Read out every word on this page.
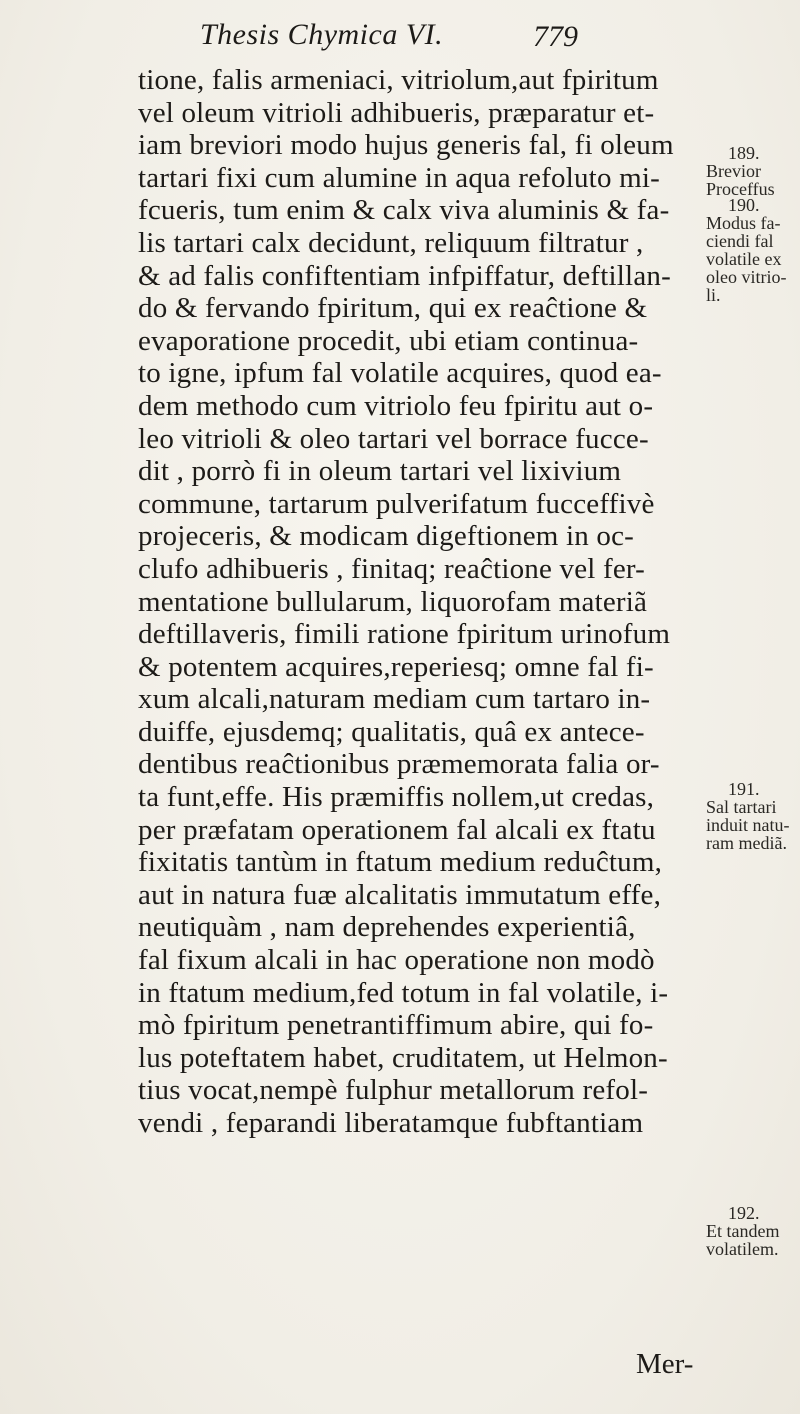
Thesis Chymica VI.	779
tione, falis armeniaci, vitriolum,aut fpiritum
vel oleum vitrioli adhibueris, præparatur et-
iam breviori modo hujus generis fal, fi oleum
tartari fixi cum alumine in aqua refoluto mi-
fcueris, tum enim & calx viva aluminis & fa-
lis tartari calx decidunt, reliquum filtratur ,
& ad falis confiftentiam infpiffatur, deftillan-
do & fervando fpiritum, qui ex reaĉtione &
evaporatione procedit, ubi etiam continua-
to igne, ipfum fal volatile acquires, quod ea-
dem methodo cum vitriolo feu fpiritu aut o-
leo vitrioli & oleo tartari vel borrace fucce-
dit , porrò fi in oleum tartari vel lixivium
commune, tartarum pulverifatum fucceffivè
projeceris, & modicam digeftionem in oc-
clufo adhibueris , finitaq; reaĉtione vel fer-
mentatione bullularum, liquorofam materiã
deftillaveris, fimili ratione fpiritum urinofum
& potentem acquires,reperiesq; omne fal fi-
xum alcali,naturam mediam cum tartaro in-
duiffe, ejusdemq; qualitatis, quâ ex antece-
dentibus reaĉtionibus præmemorata falia or-
ta funt,effe. His præmiffis nollem,ut credas,
per præfatam operationem fal alcali ex ftatu
fixitatis tantùm in ftatum medium reduĉtum,
aut in natura fuæ alcalitatis immutatum effe,
neutiquàm , nam deprehendes experientiâ,
fal fixum alcali in hac operatione non modò
in ftatum medium,fed totum in fal volatile, i-
mò fpiritum penetrantiffimum abire, qui fo-
lus poteftatem habet, cruditatem, ut Helmon-
tius vocat,nempè fulphur metallorum refol-
vendi , feparandi liberatamque fubftantiam
189.
Brevior
Proceffus
190.
Modus fa-
ciendi fal
volatile ex
oleo vitrio-
li.
191.
Sal tartari
induit natu-
ram mediã.
192.
Et tandem
volatilem.
Mer-
